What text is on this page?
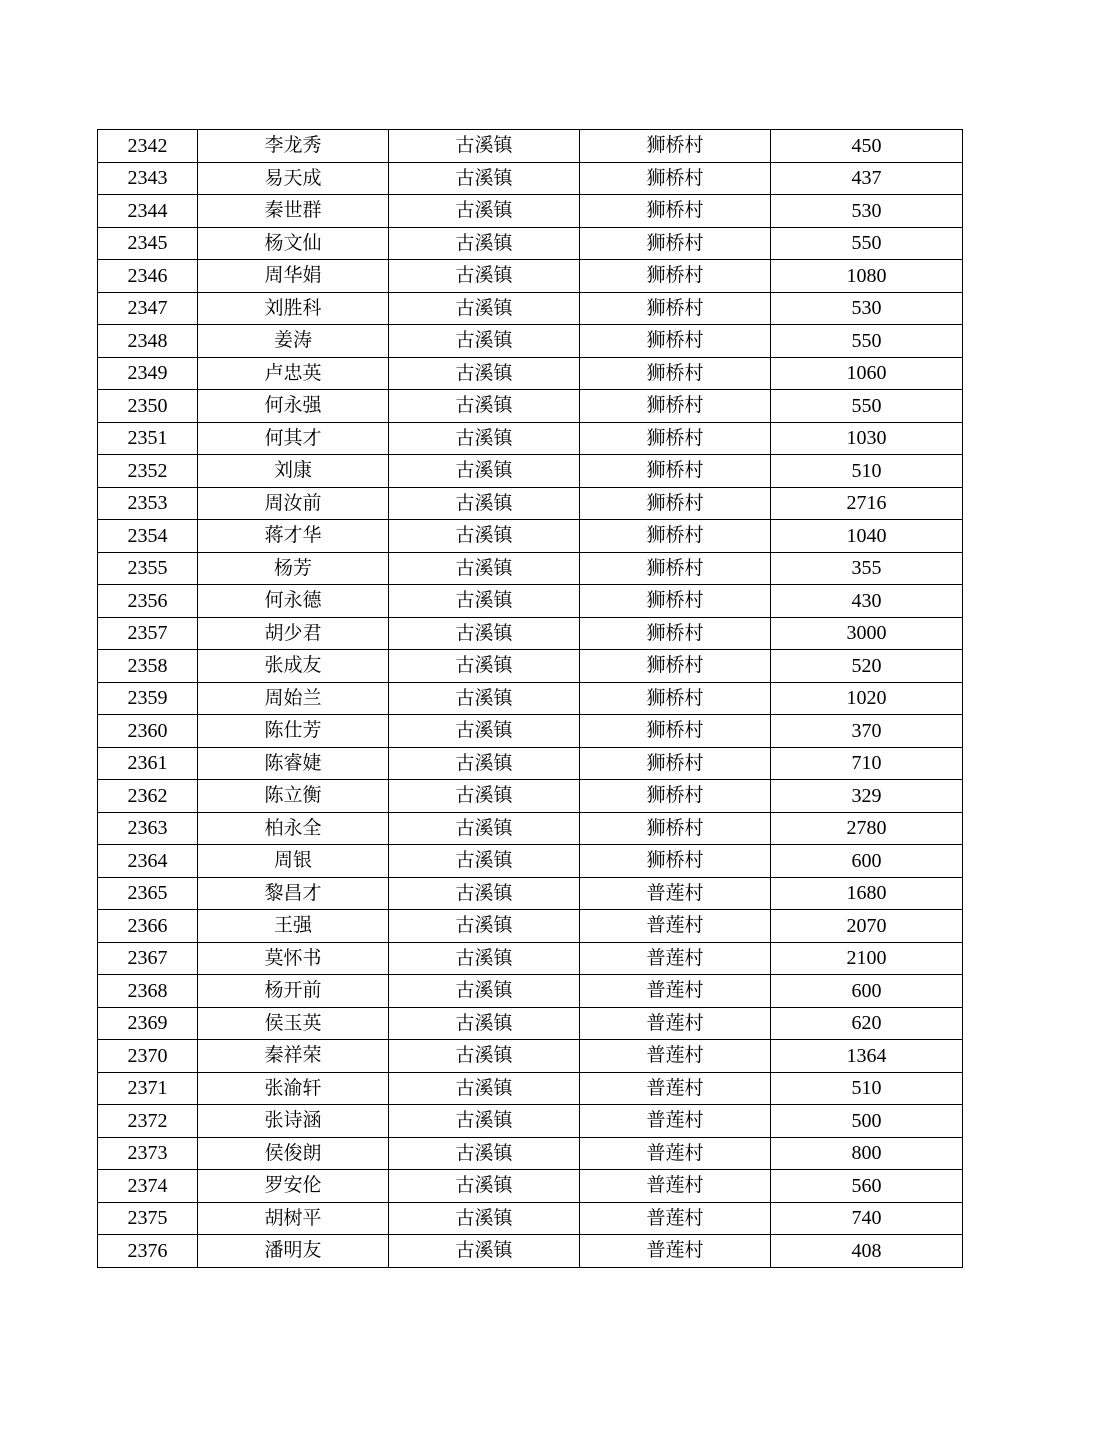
2342	李龙秀	古溪镇	狮桥村	450
2343	易天成	古溪镇	狮桥村	437
2344	秦世群	古溪镇	狮桥村	530
2345	杨文仙	古溪镇	狮桥村	550
2346	周华娟	古溪镇	狮桥村	1080
2347	刘胜科	古溪镇	狮桥村	530
2348	姜涛	古溪镇	狮桥村	550
2349	卢忠英	古溪镇	狮桥村	1060
2350	何永强	古溪镇	狮桥村	550
2351	何其才	古溪镇	狮桥村	1030
2352	刘康	古溪镇	狮桥村	510
2353	周汝前	古溪镇	狮桥村	2716
2354	蒋才华	古溪镇	狮桥村	1040
2355	杨芳	古溪镇	狮桥村	355
2356	何永德	古溪镇	狮桥村	430
2357	胡少君	古溪镇	狮桥村	3000
2358	张成友	古溪镇	狮桥村	520
2359	周始兰	古溪镇	狮桥村	1020
2360	陈仕芳	古溪镇	狮桥村	370
2361	陈睿婕	古溪镇	狮桥村	710
2362	陈立衡	古溪镇	狮桥村	329
2363	柏永全	古溪镇	狮桥村	2780
2364	周银	古溪镇	狮桥村	600
2365	黎昌才	古溪镇	普莲村	1680
2366	王强	古溪镇	普莲村	2070
2367	莫怀书	古溪镇	普莲村	2100
2368	杨开前	古溪镇	普莲村	600
2369	侯玉英	古溪镇	普莲村	620
2370	秦祥荣	古溪镇	普莲村	1364
2371	张渝轩	古溪镇	普莲村	510
2372	张诗涵	古溪镇	普莲村	500
2373	侯俊朗	古溪镇	普莲村	800
2374	罗安伦	古溪镇	普莲村	560
2375	胡树平	古溪镇	普莲村	740
2376	潘明友	古溪镇	普莲村	408
